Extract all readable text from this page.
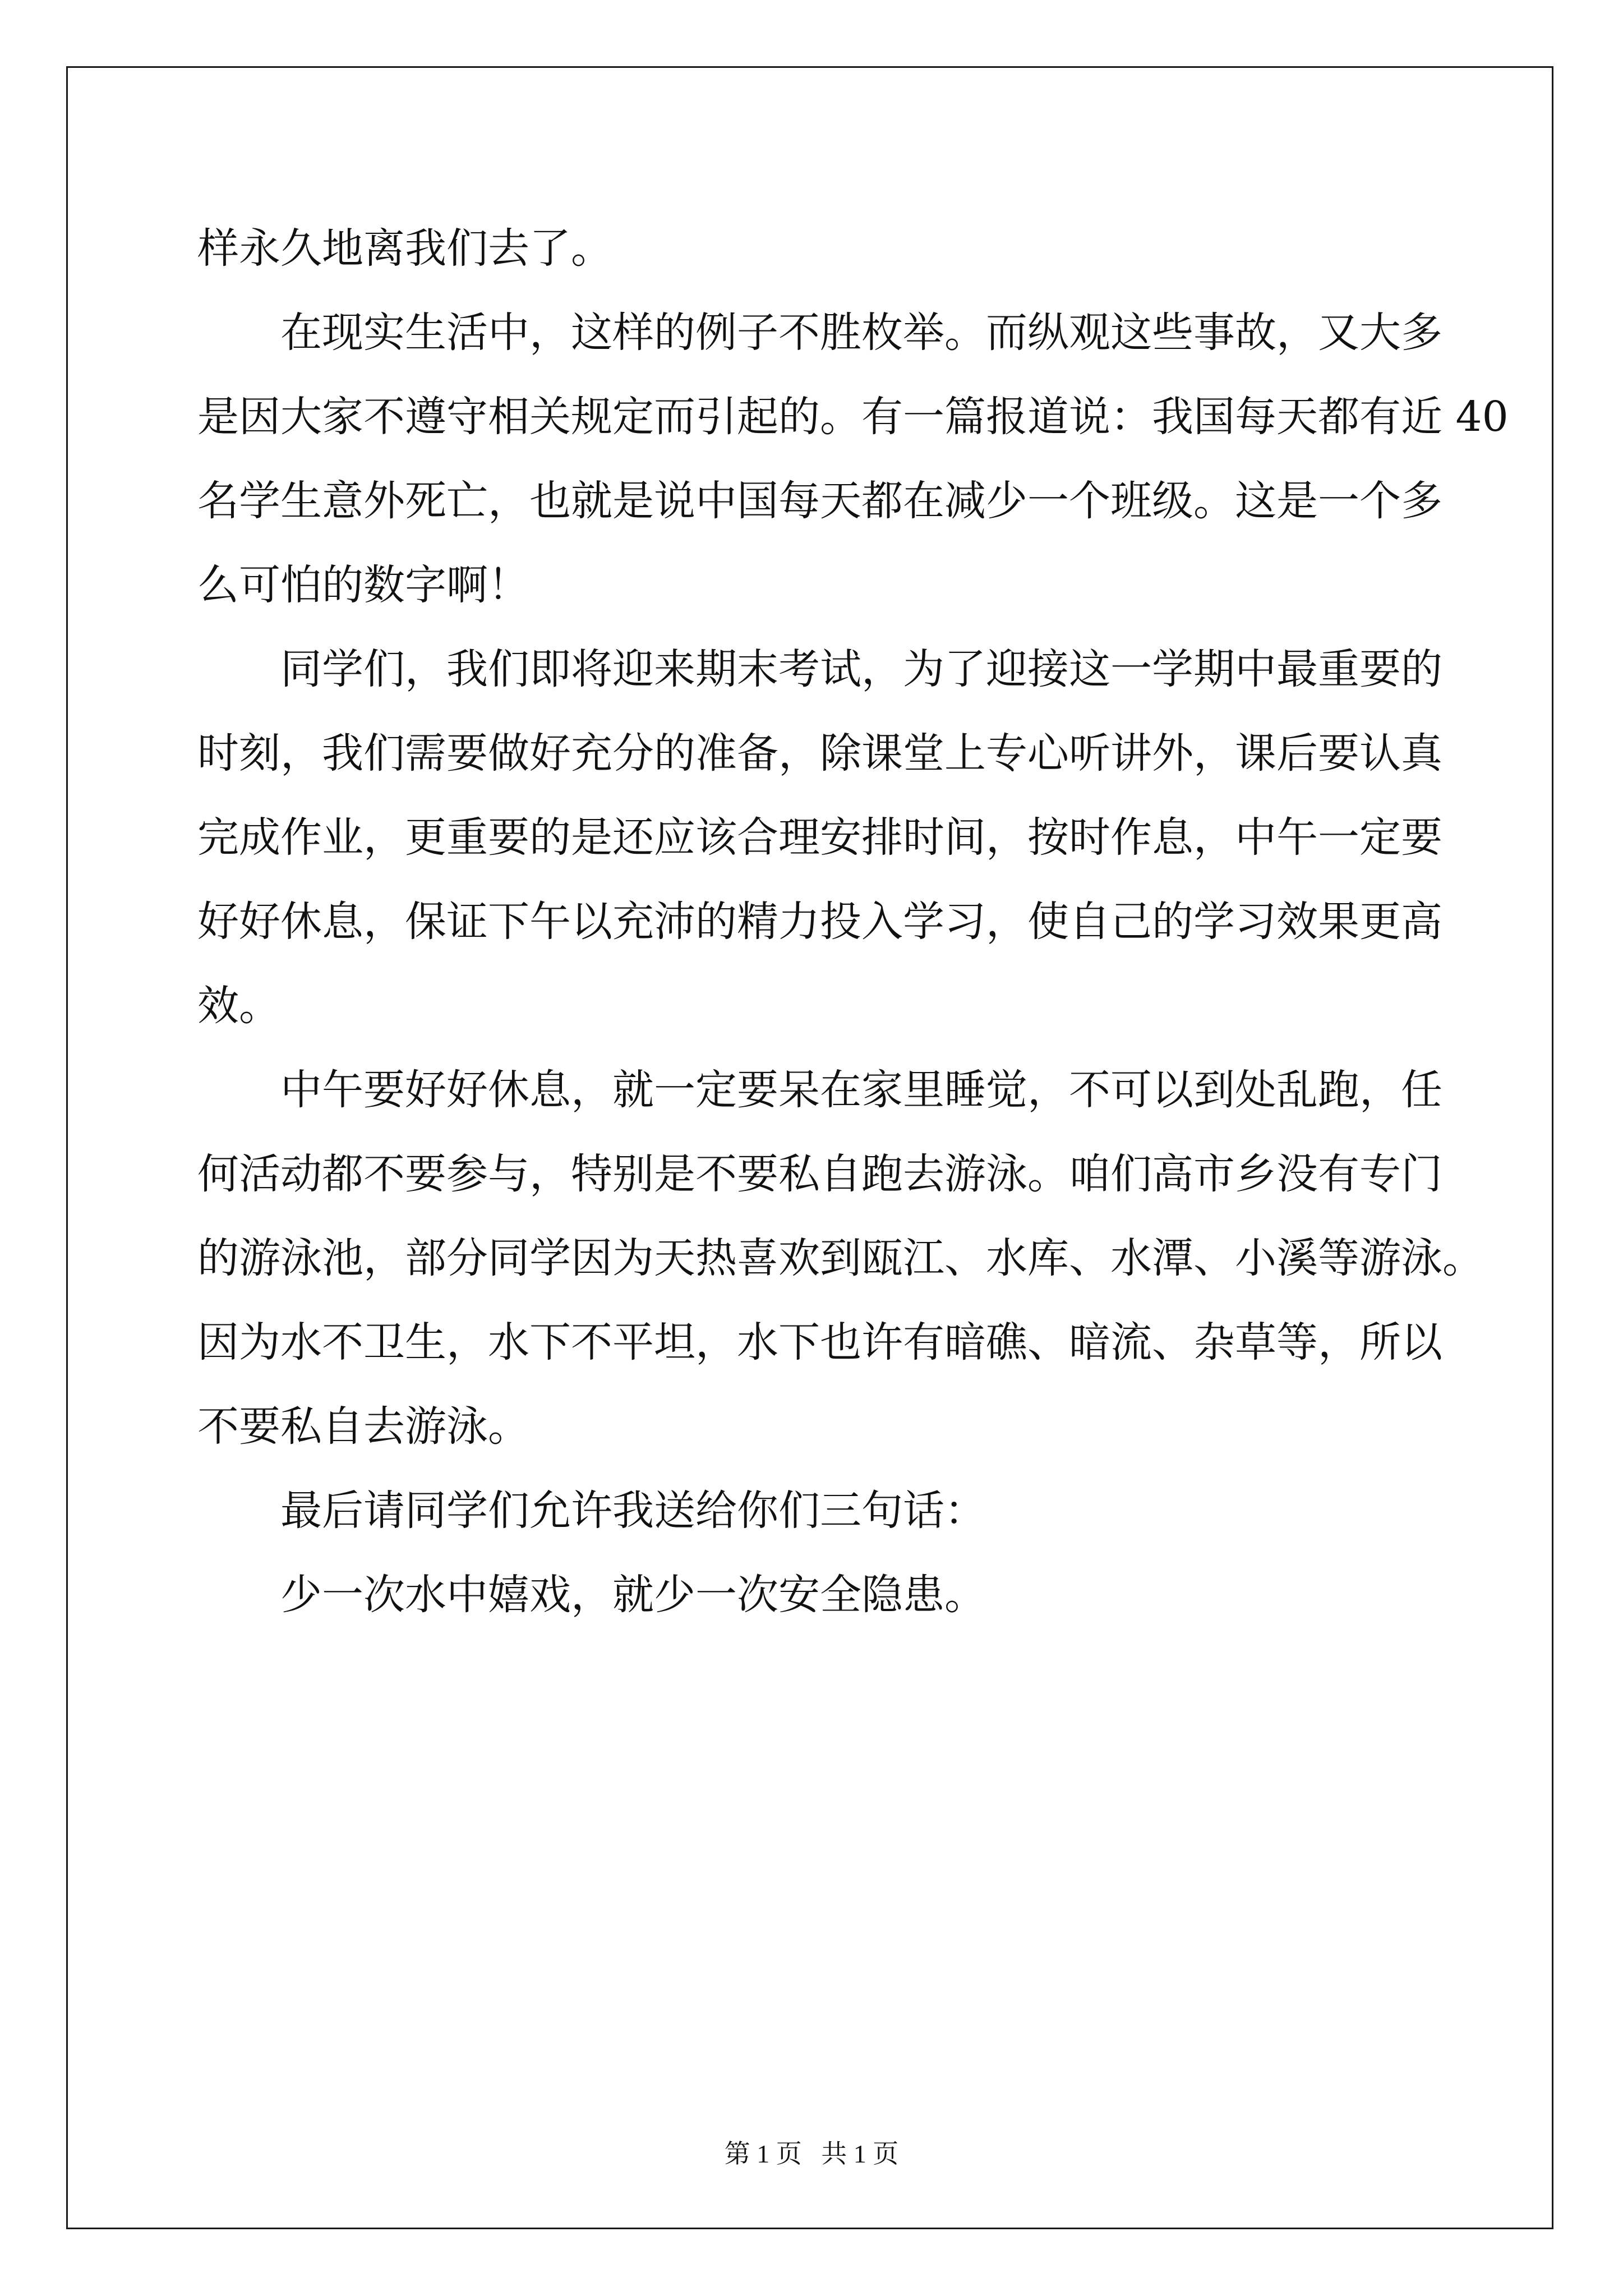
样永久地离我们去了。
在现实生活中，这样的例子不胜枚举。而纵观这些事故，又大多
是因大家不遵守相关规定而引起的。有一篇报道说：我国每天都有近 40
名学生意外死亡，也就是说中国每天都在减少一个班级。这是一个多
么可怕的数字啊！
同学们，我们即将迎来期末考试，为了迎接这一学期中最重要的
时刻，我们需要做好充分的准备，除课堂上专心听讲外，课后要认真
完成作业，更重要的是还应该合理安排时间，按时作息，中午一定要
好好休息，保证下午以充沛的精力投入学习，使自己的学习效果更高
效。
中午要好好休息，就一定要呆在家里睡觉，不可以到处乱跑，任
何活动都不要参与，特别是不要私自跑去游泳。咱们高市乡没有专门
的游泳池，部分同学因为天热喜欢到瓯江、水库、水潭、小溪等游泳。
因为水不卫生，水下不平坦，水下也许有暗礁、暗流、杂草等，所以
不要私自去游泳。
最后请同学们允许我送给你们三句话：
少一次水中嬉戏，就少一次安全隐患。
第 1 页 共 1 页
